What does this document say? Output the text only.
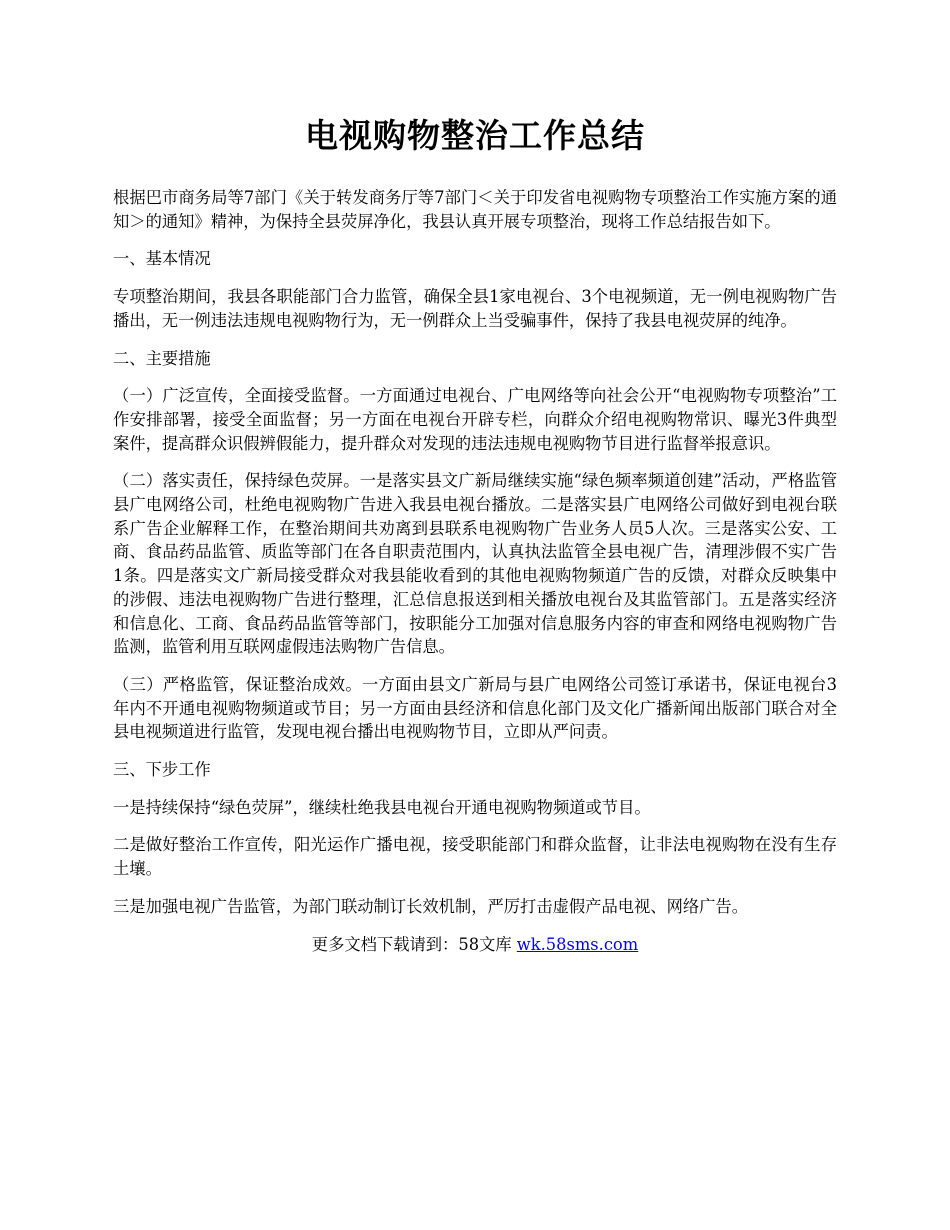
电视购物整治工作总结

根据巴市商务局等7部门《关于转发商务厅等7部门＜关于印发省电视购物专项整治工作实施方案的通知＞的通知》精神，为保持全县荧屏净化，我县认真开展专项整治，现将工作总结报告如下。

一、基本情况

专项整治期间，我县各职能部门合力监管，确保全县1家电视台、3个电视频道，无一例电视购物广告播出，无一例违法违规电视购物行为，无一例群众上当受骗事件，保持了我县电视荧屏的纯净。

二、主要措施

（一）广泛宣传，全面接受监督。一方面通过电视台、广电网络等向社会公开“电视购物专项整治”工作安排部署，接受全面监督；另一方面在电视台开辟专栏，向群众介绍电视购物常识、曝光3件典型案件，提高群众识假辨假能力，提升群众对发现的违法违规电视购物节目进行监督举报意识。

（二）落实责任，保持绿色荧屏。一是落实县文广新局继续实施“绿色频率频道创建”活动，严格监管县广电网络公司，杜绝电视购物广告进入我县电视台播放。二是落实县广电网络公司做好到电视台联系广告企业解释工作，在整治期间共劝离到县联系电视购物广告业务人员5人次。三是落实公安、工商、食品药品监管、质监等部门在各自职责范围内，认真执法监管全县电视广告，清理涉假不实广告1条。四是落实文广新局接受群众对我县能收看到的其他电视购物频道广告的反馈，对群众反映集中的涉假、违法电视购物广告进行整理，汇总信息报送到相关播放电视台及其监管部门。五是落实经济和信息化、工商、食品药品监管等部门，按职能分工加强对信息服务内容的审查和网络电视购物广告监测，监管利用互联网虚假违法购物广告信息。

（三）严格监管，保证整治成效。一方面由县文广新局与县广电网络公司签订承诺书，保证电视台3年内不开通电视购物频道或节目；另一方面由县经济和信息化部门及文化广播新闻出版部门联合对全县电视频道进行监管，发现电视台播出电视购物节目，立即从严问责。

三、下步工作

一是持续保持“绿色荧屏”，继续杜绝我县电视台开通电视购物频道或节目。

二是做好整治工作宣传，阳光运作广播电视，接受职能部门和群众监督，让非法电视购物在没有生存土壤。

三是加强电视广告监管，为部门联动制订长效机制，严厉打击虚假产品电视、网络广告。

更多文档下载请到：58文库 wk.58sms.com
